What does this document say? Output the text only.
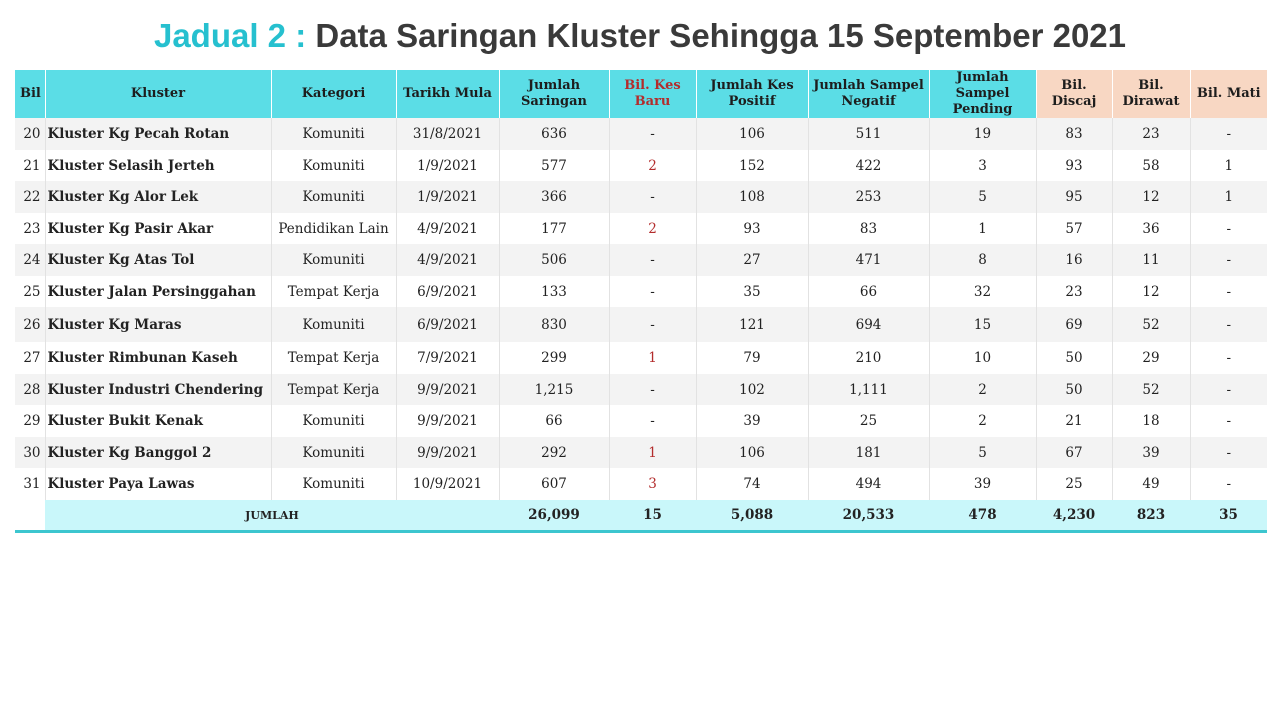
Jadual 2 : Data Saringan Kluster Sehingga 15 September 2021
Bil	Kluster	Kategori	Tarikh Mula	Jumlah Saringan	Bil. Kes Baru	Jumlah Kes Positif	Jumlah Sampel Negatif	Jumlah Sampel Pending	Bil. Discaj	Bil. Dirawat	Bil. Mati
20	Kluster Kg Pecah Rotan	Komuniti	31/8/2021	636	-	106	511	19	83	23	-
21	Kluster Selasih Jerteh	Komuniti	1/9/2021	577	2	152	422	3	93	58	1
22	Kluster Kg Alor Lek	Komuniti	1/9/2021	366	-	108	253	5	95	12	1
23	Kluster Kg Pasir Akar	Pendidikan Lain	4/9/2021	177	2	93	83	1	57	36	-
24	Kluster Kg Atas Tol	Komuniti	4/9/2021	506	-	27	471	8	16	11	-
25	Kluster Jalan Persinggahan	Tempat Kerja	6/9/2021	133	-	35	66	32	23	12	-
26	Kluster Kg Maras	Komuniti	6/9/2021	830	-	121	694	15	69	52	-
27	Kluster Rimbunan Kaseh	Tempat Kerja	7/9/2021	299	1	79	210	10	50	29	-
28	Kluster Industri Chendering	Tempat Kerja	9/9/2021	1,215	-	102	1,111	2	50	52	-
29	Kluster Bukit Kenak	Komuniti	9/9/2021	66	-	39	25	2	21	18	-
30	Kluster Kg Banggol 2	Komuniti	9/9/2021	292	1	106	181	5	67	39	-
31	Kluster Paya Lawas	Komuniti	10/9/2021	607	3	74	494	39	25	49	-
	JUMLAH			26,099	15	5,088	20,533	478	4,230	823	35
